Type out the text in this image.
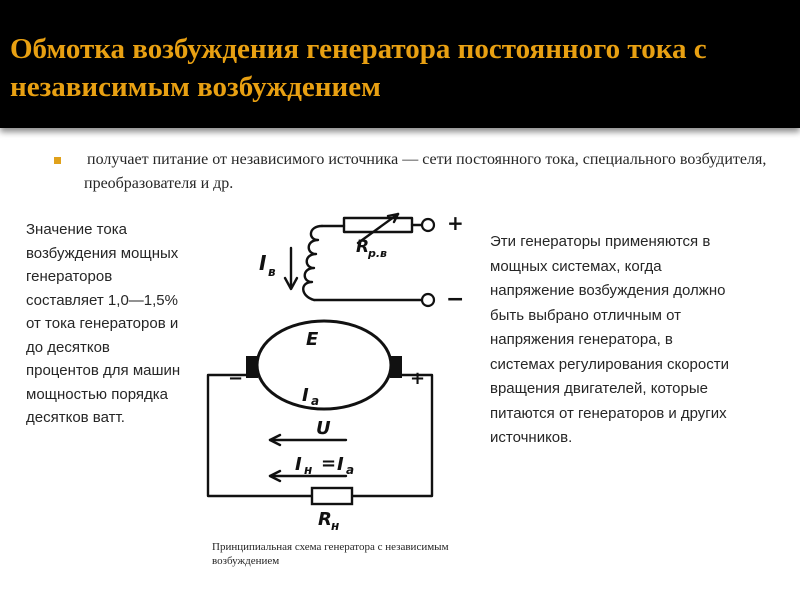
Обмотка возбуждения генератора постоянного тока с независимым возбуждением
получает питание от независимого источника — сети постоянного тока, специального возбудителя, преобразователя и др.
Значение тока возбуждения мощных генераторов составляет 1,0—1,5% от тока генераторов и до десятков процентов для машин мощностью порядка десятков ватт.
Эти генераторы применяются в мощных системах, когда напряжение возбуждения должно быть выбрано отличным от напряжения генератора, в системах регулирования скорости вращения двигателей, которые питаются от генераторов и других источников.
+
−
I в
R
р.в
E
I a
−	+
U
I н = I a
R н
Принципиальная схема генератора с независимым возбуждением
